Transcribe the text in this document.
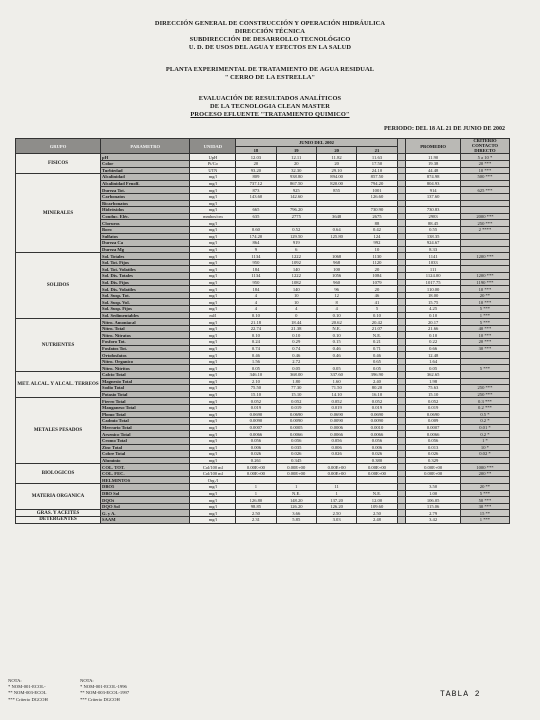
DIRECCIÓN GENERAL DE CONSTRUCCIÓN Y OPERACIÓN HIDRÁULICA
DIRECCIÓN TÉCNICA
SUBDIRECCIÓN DE DESARROLLO TECNOLÓGICO
U. D. DE USOS DEL AGUA Y EFECTOS EN LA SALUD
PLANTA EXPERIMENTAL DE TRATAMIENTO DE AGUA RESIDUAL
" CERRO DE LA ESTRELLA"
EVALUACIÓN DE RESULTADOS ANALÍTICOS
DE LA TECNOLOGIA CLEAN MASTER
PROCESO EFLUENTE "TRATAMIENTO QUIMICO"
PERIODO: DEL 18 AL 21 DE JUNIO DE 2002
GRUPO	PARAMETRO	UNIDAD	JUNIO DEL 2002					PROMEDIO	CRITERIO CONTACTO DIRECTO
			18	19	20	21			
FISICOS	pH	UpH	12.03	12.11	11.82	11.63		11.90	5 a 10 *
	Color	Pt/Co	20	20	20	17.50		19.38	20 ***
	Turbiedad	UTN	93.20	32.30	29.10	24.10		44.48	10 ***
MINERALES	Alcalinidad	mg/l	809	938.80	894.00	857.50		874.98	500 ***
	Alcalinidad Fenolf.	mg/l	737.12	867.50	820.00	794.20		804.93	
	Dureza Tot.	mg/l	873	925	855	1001		914	625 ***
	Carbonatos	mg/l	143.60	142.60		126.60		137.60	
	Bicarbonatos	mg/l							
	Hidróxidos	mg/l	665	796.20		730.90		730.83	
	Conduc. Eléc.	mmhos/cm	635	2775	3648	2675		2983	2000 ***
	Cloruros	mg/l				88		88.45	250 ***
	Boro	mg/l	0.60	0.52	0.64	0.42		0.55	2 ****
	Sulfatos	mg/l	174.20	129.50	125.80	124		138.35	
	Dureza Ca	mg/l	864	919		992		924.67	
	Dureza Mg	mg/l	9	6		10		8.33	
SOLIDOS	Sol. Totales	mg/l	1134	1222	1068	1130		1141	1200 ***
	Sol. Tot. Fijos	mg/l	950	1092	968	1120		1033	
	Sol. Tot. Volatiles	mg/l	184	140	100	20		111	
	Sol. Dis. Totales	mg/l	1134	1222	1056	1084		1124.00	1200 ***
	Sol. Dis. Fijos	mg/l	950	1082	960	1079		1017.75	1190 ***
	Sol. Dis. Volatiles	mg/l	184	140	96	20		110.00	10 ***
	Sol. Susp. Tot.	mg/l	4	10	12	46		18.00	20 **
	Sol. Susp. Vol.	mg/l	4	10	8	41		15.75	10 ***
	Sol. Susp. Fijos	mg/l	4	4	4	5		4.25	5 ***
	Sol. Sedimentables	ml/l	0.10	0	0.10	0.10		0.10	1 ***
NUTRIENTES	Nitro. Amoniacal	mg/l	21.18	18.44	20.62	20.42		20.17	5 ***
	Nitro. Total	mg/l	22.74	21.38	N.E.	21.07		21.66	40 ***
	Nitro. Nitratos	mg/l	0.10	0.10	0.10	N.E.		0.10	10 ***
	Fosforo Tot.	mg/l	0.24	0.29	0.15	0.21		0.22	20 ***
	Fosfatos Tot.	mg/l	0.74	0.74	0.46	0.71		0.66	30 ***
	Ortofosfatos	mg/l	0.46	0.46	0.46	0.46		12.48	
	Nitro. Organico	mg/l	1.56	2.72		0.65		1.64	
	Nitro. Nitritos	mg/l	0.05	0.05	0.05	0.05		0.05	5 ***
MET. ALCAL. Y ALCAL. TERREOS	Calcio Total	mg/l	346.10	368.00	337.60	396.90		362.65	
	Magnesio Total	mg/l	2.10	1.80	1.60	2.40		1.98	
	Sodio Total	mg/l	75.50	77.30	71.50	80.20		75.63	250 ***
	Potasio Total	mg/l	15.10	15.10	14.10	16.10		15.10	250 ***
METALES PESADOS	Fierro Total	mg/l	0.052	0.052	0.052	0.052		0.052	0.3 ***
	Manganeso Total	mg/l	0.019	0.019	0.019	0.019		0.019	0.2 ***
	Plomo Total	mg/l	0.0690	0.0690	0.0690	0.0690		0.0690	0.5 *
	Cadmio Total	mg/l	0.0090	0.0090	0.0090	0.0090		0.009	0.2 *
	Mercurio Total	mg/l	0.0007	0.0005	0.0006	0.0010		0.0007	0.01 *
	Arsenico Total	mg/l	0.0066	0.0066	0.0066	0.0066		0.0066	0.2 *
	Cromo Total	mg/l	0.056	0.056	0.056	0.056		0.056	1 *
	Zinc Total	mg/l	0.006	0.035	0.006	0.006		0.013	10 *
	Cobre Total	mg/l	0.026	0.026	0.026	0.026		0.026	0.02 *
	Aluminio	mg/l	0.261	0.345		0.380		0.329	
BIOLOGICOS	COL. TOT.	Col/100 ml	0.00E+00	0.00E+00	0.00E+00	0.00E+00		0.00E+00	1000 ***
	COL. FEC.	Col/100 ml	0.00E+00	0.00E+00	0.00E+00	0.00E+00		0.00E+00	200 **
	HELMINTOS	Org./l							
MATERIA ORGANICA	DBO5	mg/l	1	1	11			3.50	20 **
	DBO Sol	mg/l	1	N.E.	1	N.E.		1.00	5 ***
	DQOt	mg/l	126.80	148.20	137.20	12.00		106.05	50 ***
	DQO Sol	mg/l	98.85	126.20	126.20	109.60		115.06	30 ***
GRAS. Y ACEITES	G. y A.	mg/l	2.50	3.66	2.50	2.50		2.79	15 **
DETERGENTES	SAAM	mg/l	2.31	5.85	3.03	2.48		3.42	1 ***
NOTA:
* NOM-001-ECOL-
** NOM-003-ECOL
*** Criterio DGCOH
NOTA:
* NOM-001-ECOL-1996
** NOM-003-ECOL-1997
*** Criterio DGCOH
TABLA 2
